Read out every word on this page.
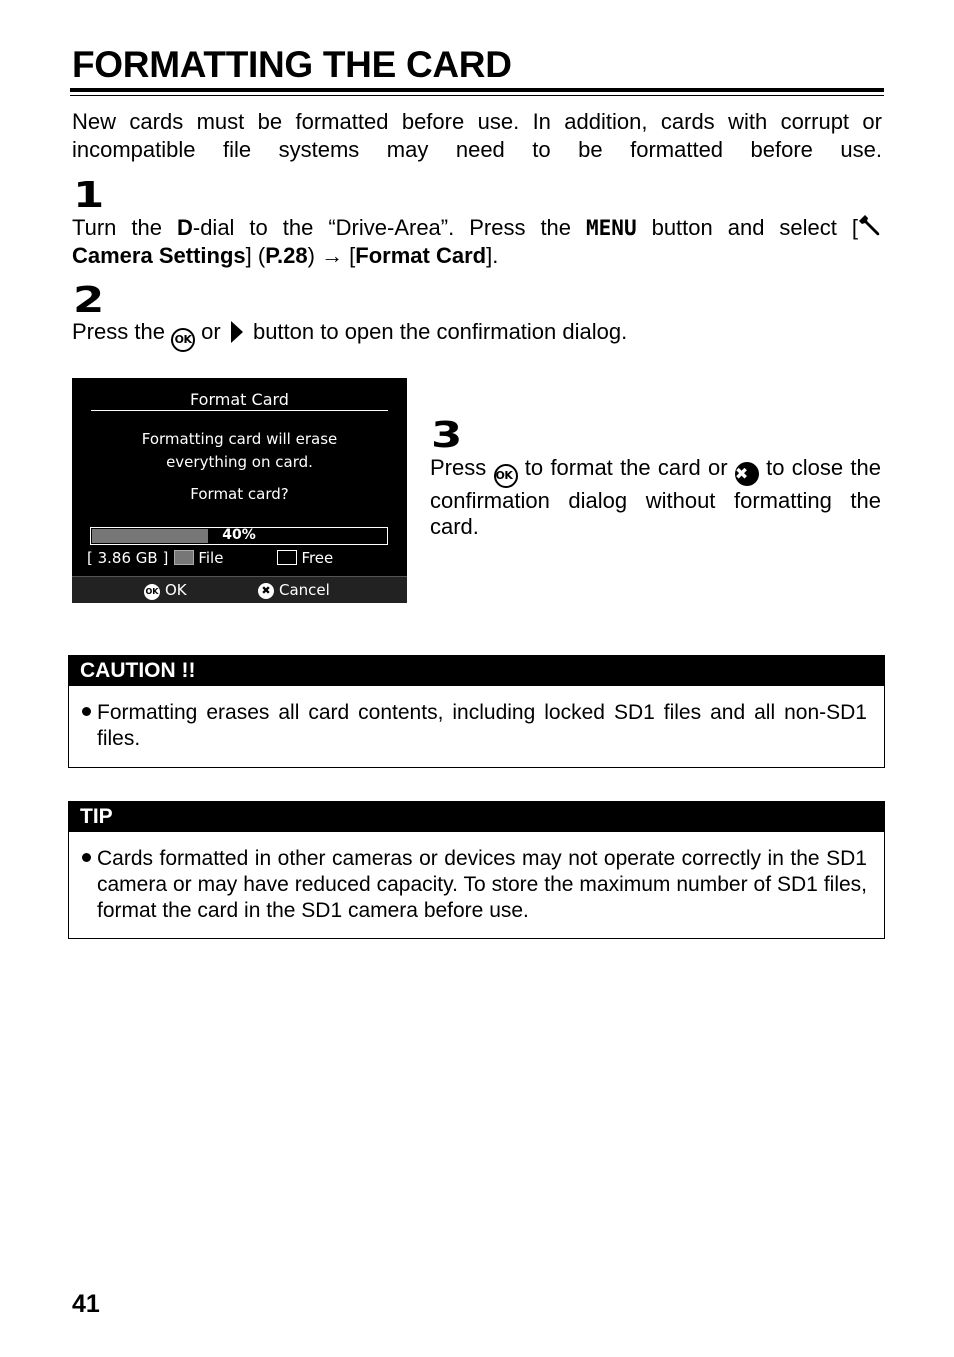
FORMATTING THE CARD
New cards must be formatted before use. In addition, cards with corrupt or incompatible file systems may need to be formatted before use.
1
Turn the D-dial to the “Drive-Area”. Press the MENU button and select [
Camera Settings] (P.28) → [Format Card].
2
Press the OK or  button to open the confirmation dialog.
Format Card
Formatting card will erase
everything on card.
Format card?
40%
[ 3.86 GB ] File	Free
OK OK	✖ Cancel
3
Press OK to format the card or ✖ to close the confirmation dialog without formatting the card.
CAUTION !!
Formatting erases all card contents, including locked SD1 files and all non-SD1 files.
TIP
Cards formatted in other cameras or devices may not operate correctly in the SD1 camera or may have reduced capacity. To store the maximum number of SD1 files, format the card in the SD1 camera before use.
41
